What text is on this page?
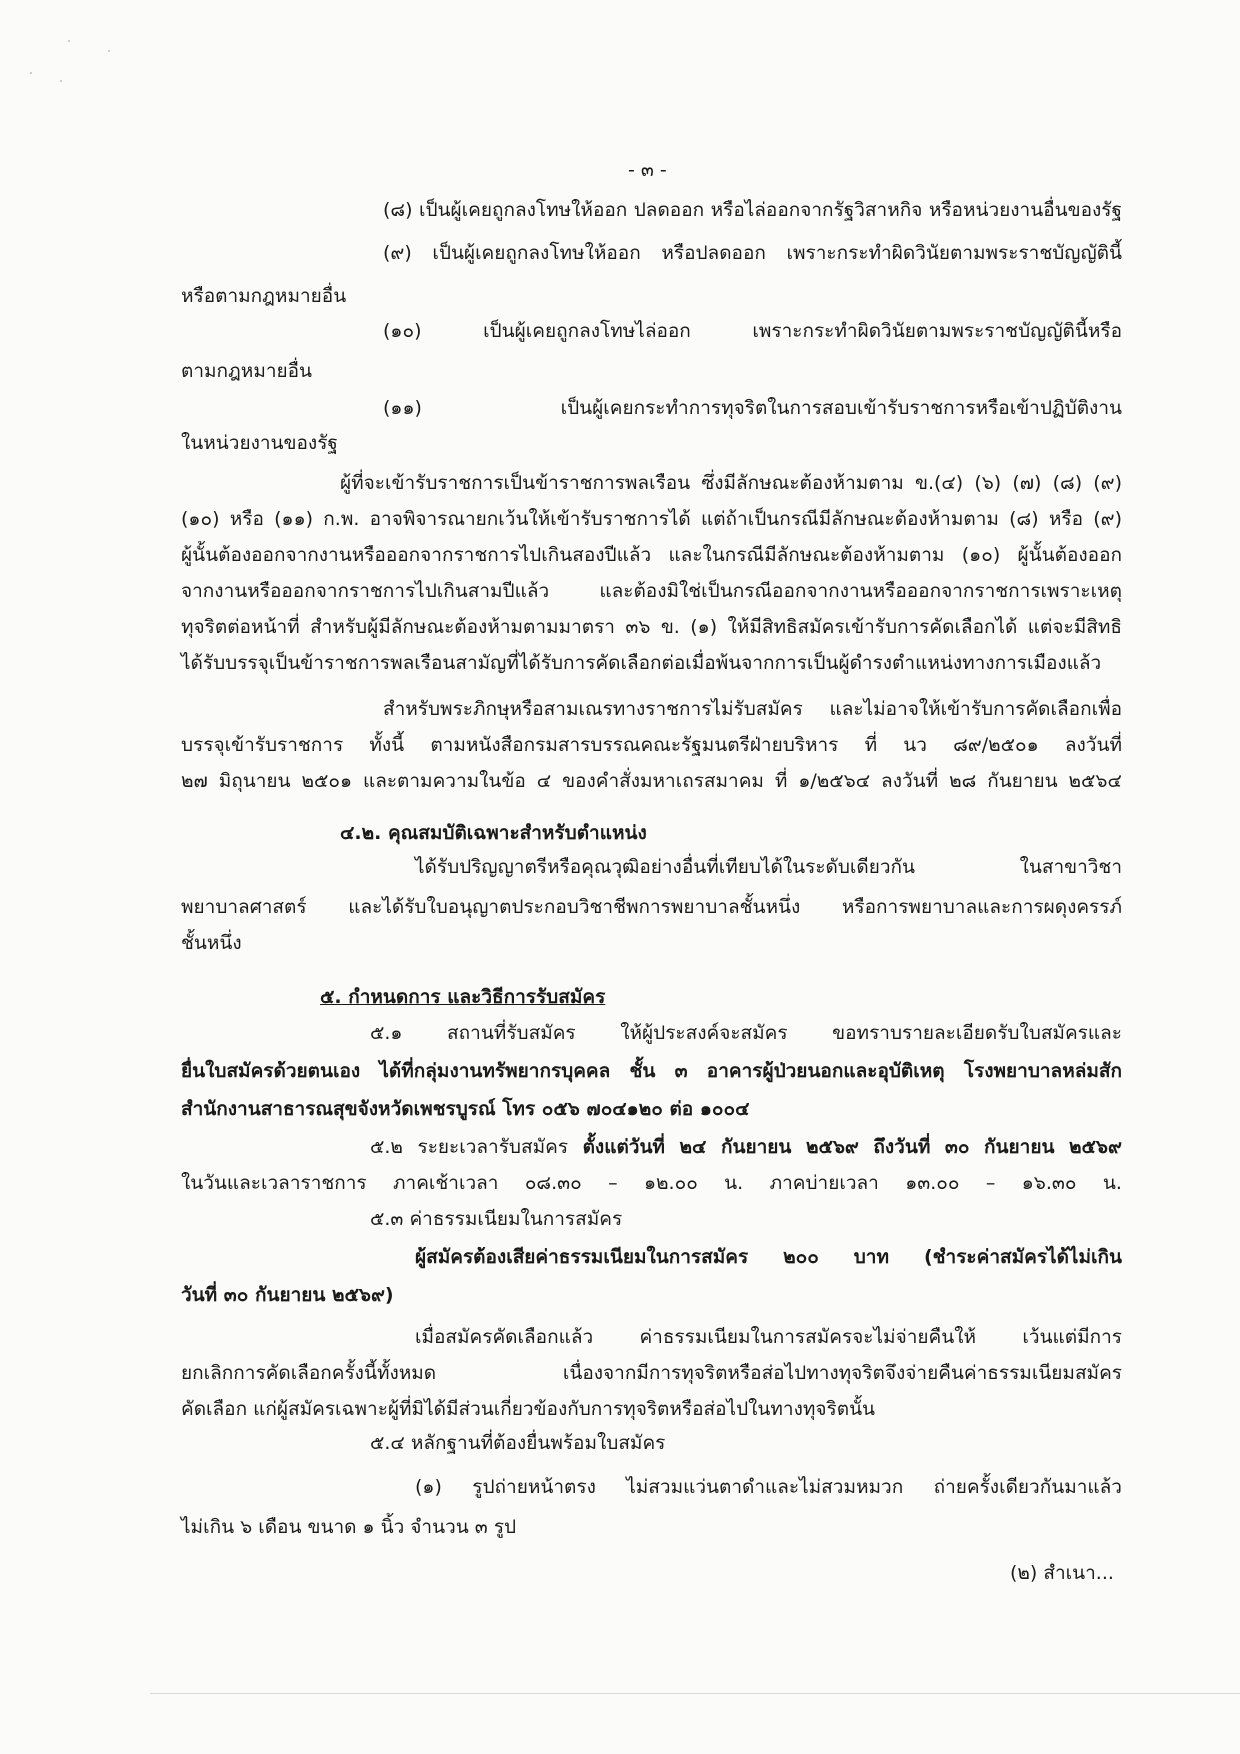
- ๓ -
(๘) เป็นผู้เคยถูกลงโทษให้ออก ปลดออก หรือไล่ออกจากรัฐวิสาหกิจ หรือหน่วยงานอื่นของรัฐ
(๙) เป็นผู้เคยถูกลงโทษให้ออก หรือปลดออก เพราะกระทำผิดวินัยตามพระราชบัญญัตินี้
หรือตามกฎหมายอื่น
(๑๐)	เป็นผู้เคยถูกลงโทษไล่ออก	เพราะกระทำผิดวินัยตามพระราชบัญญัตินี้หรือ
ตามกฎหมายอื่น
(๑๑)	เป็นผู้เคยกระทำการทุจริตในการสอบเข้ารับราชการหรือเข้าปฏิบัติงาน
ในหน่วยงานของรัฐ
ผู้ที่จะเข้ารับราชการเป็นข้าราชการพลเรือน ซึ่งมีลักษณะต้องห้ามตาม ข.(๔) (๖) (๗) (๘) (๙)
(๑๐) หรือ (๑๑) ก.พ. อาจพิจารณายกเว้นให้เข้ารับราชการได้ แต่ถ้าเป็นกรณีมีลักษณะต้องห้ามตาม (๘) หรือ (๙)
ผู้นั้นต้องออกจากงานหรือออกจากราชการไปเกินสองปีแล้ว และในกรณีมีลักษณะต้องห้ามตาม (๑๐) ผู้นั้นต้องออก
จากงานหรือออกจากราชการไปเกินสามปีแล้ว	และต้องมิใช่เป็นกรณีออกจากงานหรือออกจากราชการเพราะเหตุ
ทุจริตต่อหน้าที่ สำหรับผู้มีลักษณะต้องห้ามตามมาตรา ๓๖ ข. (๑) ให้มีสิทธิสมัครเข้ารับการคัดเลือกได้ แต่จะมีสิทธิ
ได้รับบรรจุเป็นข้าราชการพลเรือนสามัญที่ได้รับการคัดเลือกต่อเมื่อพ้นจากการเป็นผู้ดำรงตำแหน่งทางการเมืองแล้ว
สำหรับพระภิกษุหรือสามเณรทางราชการไม่รับสมัคร และไม่อาจให้เข้ารับการคัดเลือกเพื่อ
บรรจุเข้ารับราชการ ทั้งนี้ ตามหนังสือกรมสารบรรณคณะรัฐมนตรีฝ่ายบริหาร ที่ นว ๘๙/๒๕๐๑ ลงวันที่
๒๗ มิถุนายน ๒๕๐๑ และตามความในข้อ ๔ ของคำสั่งมหาเถรสมาคม ที่ ๑/๒๕๖๔ ลงวันที่ ๒๘ กันยายน ๒๕๖๔
๔.๒. คุณสมบัติเฉพาะสำหรับตำแหน่ง
ได้รับปริญญาตรีหรือคุณวุฒิอย่างอื่นที่เทียบได้ในระดับเดียวกัน	ในสาขาวิชา
พยาบาลศาสตร์ และได้รับใบอนุญาตประกอบวิชาชีพการพยาบาลชั้นหนึ่ง หรือการพยาบาลและการผดุงครรภ์
ชั้นหนึ่ง
๕. กำหนดการ และวิธีการรับสมัคร
๕.๑ สถานที่รับสมัคร ให้ผู้ประสงค์จะสมัคร ขอทราบรายละเอียดรับใบสมัครและ
ยื่นใบสมัครด้วยตนเอง ได้ที่กลุ่มงานทรัพยากรบุคคล ชั้น ๓ อาคารผู้ป่วยนอกและอุบัติเหตุ โรงพยาบาลหล่มสัก
สำนักงานสาธารณสุขจังหวัดเพชรบูรณ์ โทร ๐๕๖ ๗๐๔๑๒๐ ต่อ ๑๐๐๔
๕.๒ ระยะเวลารับสมัคร ตั้งแต่วันที่ ๒๔ กันยายน ๒๕๖๙ ถึงวันที่ ๓๐ กันยายน ๒๕๖๙
ในวันและเวลาราชการ ภาคเช้าเวลา ๐๘.๓๐ – ๑๒.๐๐ น. ภาคบ่ายเวลา ๑๓.๐๐ – ๑๖.๓๐ น.
๕.๓ ค่าธรรมเนียมในการสมัคร
ผู้สมัครต้องเสียค่าธรรมเนียมในการสมัคร ๒๐๐ บาท (ชำระค่าสมัครได้ไม่เกิน
วันที่ ๓๐ กันยายน ๒๕๖๙)
เมื่อสมัครคัดเลือกแล้ว ค่าธรรมเนียมในการสมัครจะไม่จ่ายคืนให้ เว้นแต่มีการ
ยกเลิกการคัดเลือกครั้งนี้ทั้งหมด	เนื่องจากมีการทุจริตหรือส่อไปทางทุจริตจึงจ่ายคืนค่าธรรมเนียมสมัคร
คัดเลือก แก่ผู้สมัครเฉพาะผู้ที่มิได้มีส่วนเกี่ยวข้องกับการทุจริตหรือส่อไปในทางทุจริตนั้น
๕.๔ หลักฐานที่ต้องยื่นพร้อมใบสมัคร
(๑) รูปถ่ายหน้าตรง ไม่สวมแว่นตาดำและไม่สวมหมวก ถ่ายครั้งเดียวกันมาแล้ว
ไม่เกิน ๖ เดือน ขนาด ๑ นิ้ว จำนวน ๓ รูป
(๒) สำเนา...
